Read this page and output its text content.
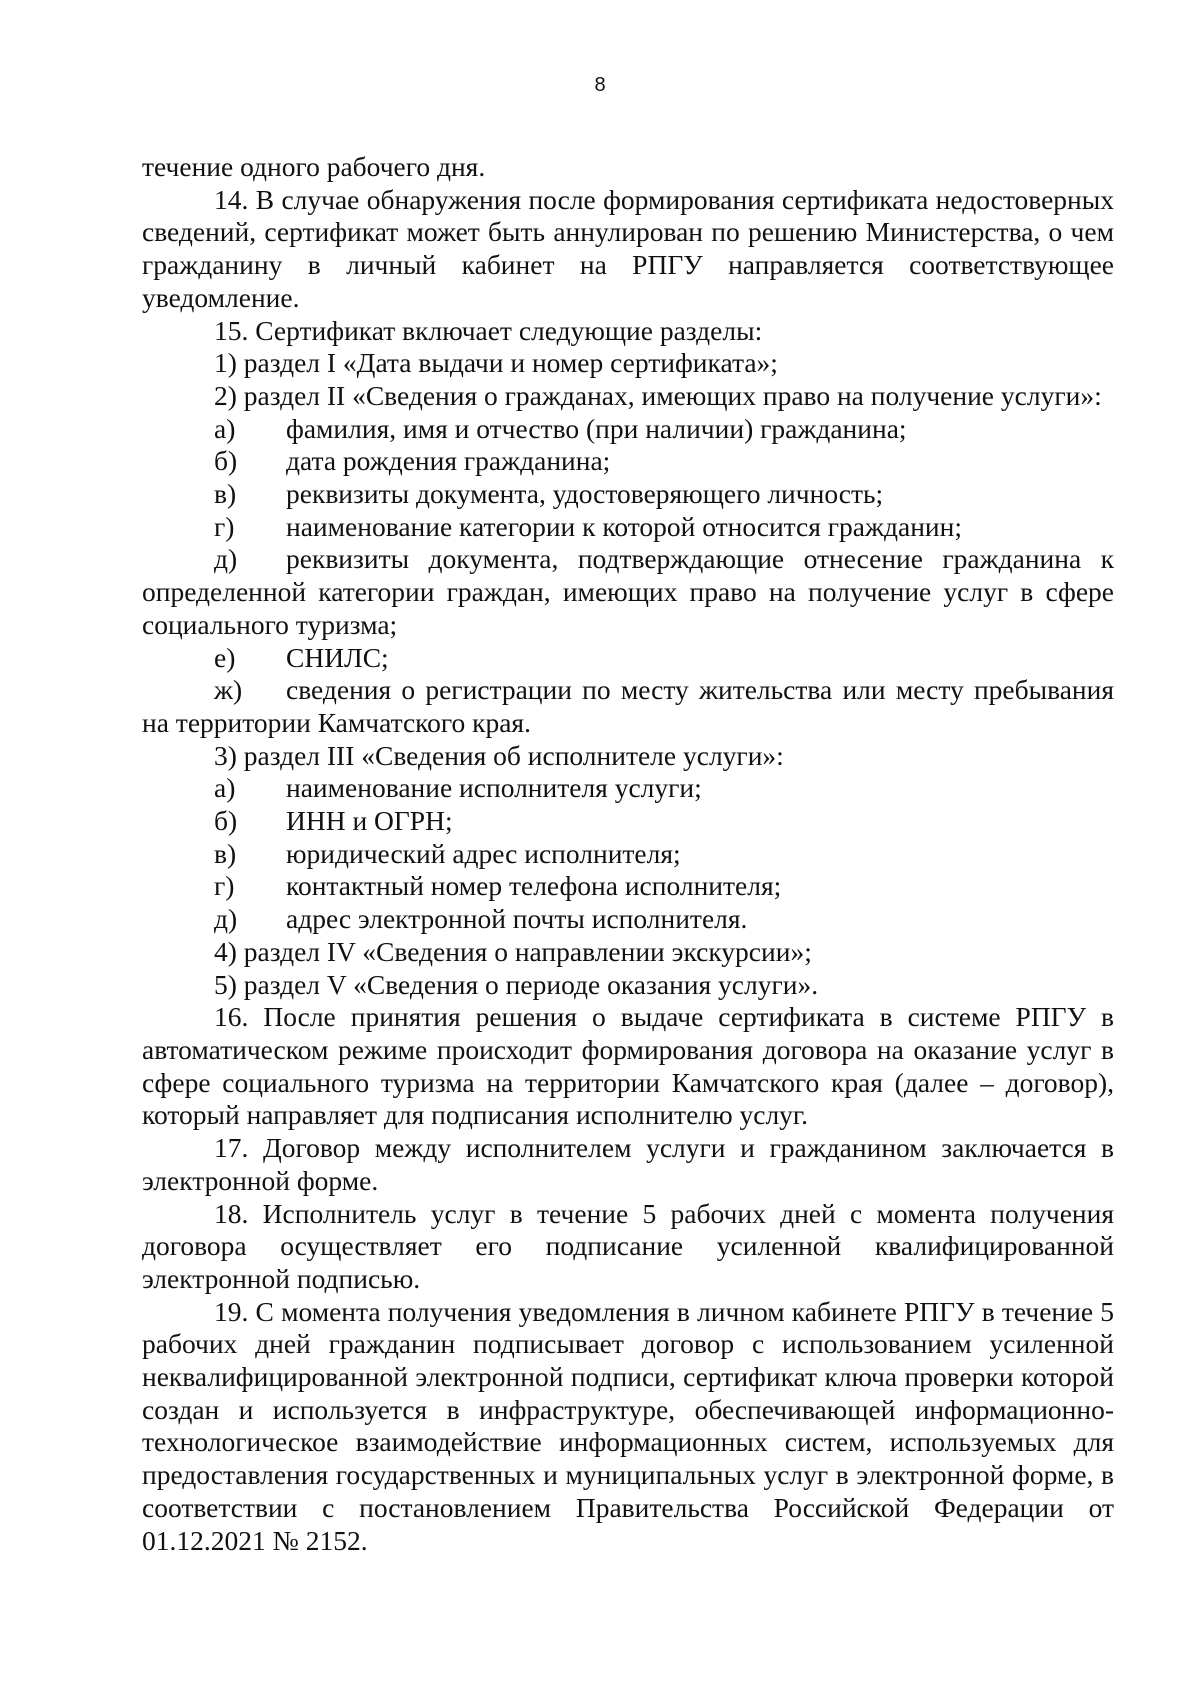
8

течение одного рабочего дня.

14. В случае обнаружения после формирования сертификата недостоверных сведений, сертификат может быть аннулирован по решению Министерства, о чем гражданину в личный кабинет на РПГУ направляется соответствующее уведомление.

15. Сертификат включает следующие разделы:

1) раздел I «Дата выдачи и номер сертификата»;

2) раздел II «Сведения о гражданах, имеющих право на получение услуги»:

а) фамилия, имя и отчество (при наличии) гражданина;

б) дата рождения гражданина;

в) реквизиты документа, удостоверяющего личность;

г) наименование категории к которой относится гражданин;

д) реквизиты документа, подтверждающие отнесение гражданина к определенной категории граждан, имеющих право на получение услуг в сфере социального туризма;

е) СНИЛС;

ж) сведения о регистрации по месту жительства или месту пребывания на территории Камчатского края.

3) раздел III «Сведения об исполнителе услуги»:

а) наименование исполнителя услуги;

б) ИНН и ОГРН;

в) юридический адрес исполнителя;

г) контактный номер телефона исполнителя;

д) адрес электронной почты исполнителя.

4) раздел IV «Сведения о направлении экскурсии»;

5) раздел V «Сведения о периоде оказания услуги».

16. После принятия решения о выдаче сертификата в системе РПГУ в автоматическом режиме происходит формирования договора на оказание услуг в сфере социального туризма на территории Камчатского края (далее – договор), который направляет для подписания исполнителю услуг.

17. Договор между исполнителем услуги и гражданином заключается в электронной форме.

18. Исполнитель услуг в течение 5 рабочих дней с момента получения договора осуществляет его подписание усиленной квалифицированной электронной подписью.

19. С момента получения уведомления в личном кабинете РПГУ в течение 5 рабочих дней гражданин подписывает договор с использованием усиленной неквалифицированной электронной подписи, сертификат ключа проверки которой создан и используется в инфраструктуре, обеспечивающей информационно-технологическое взаимодействие информационных систем, используемых для предоставления государственных и муниципальных услуг в электронной форме, в соответствии с постановлением Правительства Российской Федерации от 01.12.2021 № 2152.
